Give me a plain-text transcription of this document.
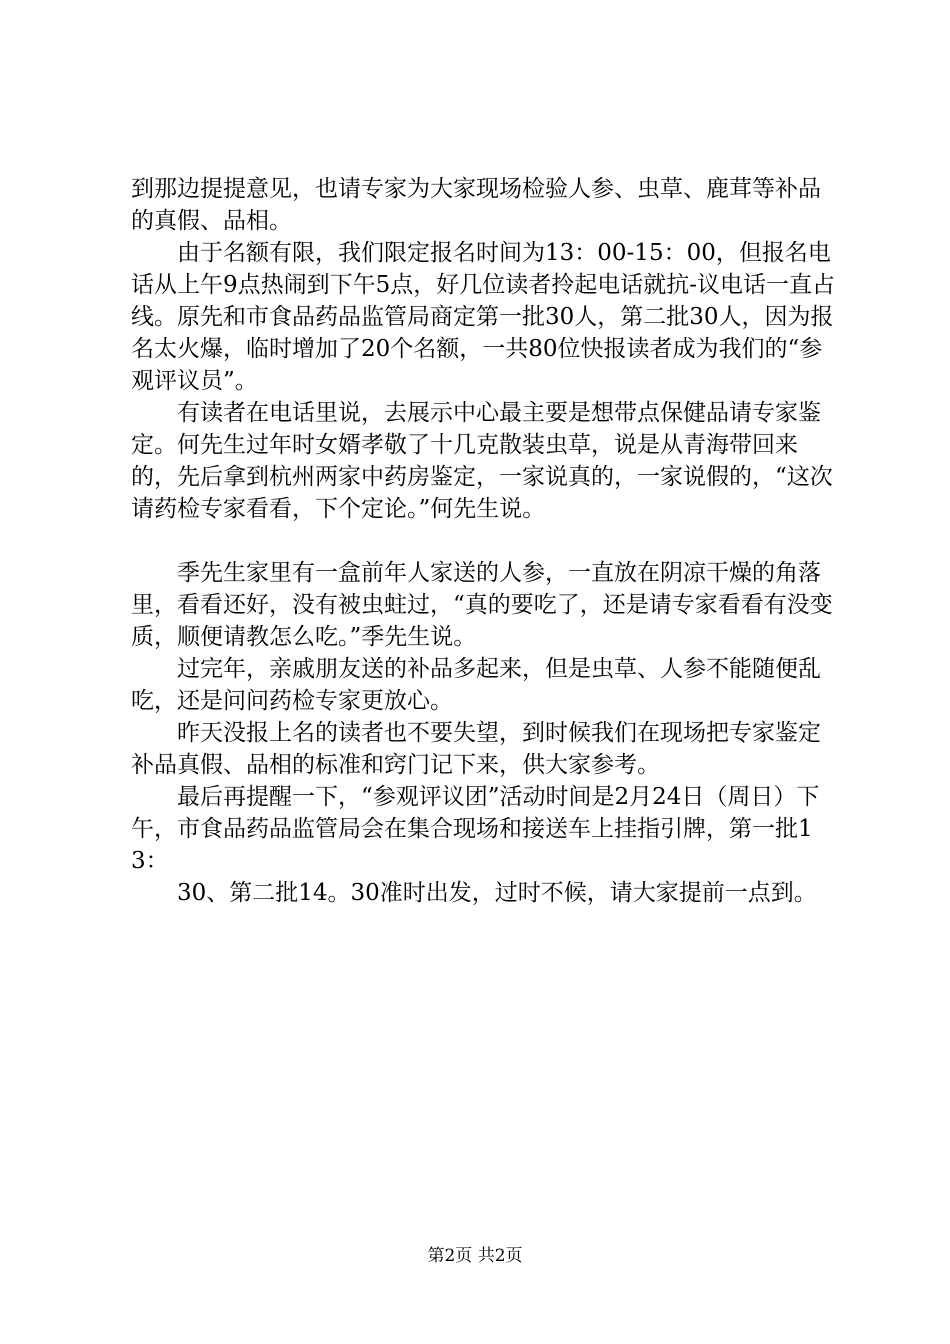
到那边提提意见，也请专家为大家现场检验人参、虫草、鹿茸等补品的真假、品相。

由于名额有限，我们限定报名时间为13：00-15：00，但报名电话从上午9点热闹到下午5点，好几位读者拎起电话就抗-议电话一直占线。原先和市食品药品监管局商定第一批30人，第二批30人，因为报名太火爆，临时增加了20个名额，一共80位快报读者成为我们的“参观评议员”。

有读者在电话里说，去展示中心最主要是想带点保健品请专家鉴定。何先生过年时女婿孝敬了十几克散装虫草，说是从青海带回来的，先后拿到杭州两家中药房鉴定，一家说真的，一家说假的，“这次请药检专家看看，下个定论。”何先生说。

季先生家里有一盒前年人家送的人参，一直放在阴凉干燥的角落里，看看还好，没有被虫蛀过，“真的要吃了，还是请专家看看有没变质，顺便请教怎么吃。”季先生说。

过完年，亲戚朋友送的补品多起来，但是虫草、人参不能随便乱吃，还是问问药检专家更放心。

昨天没报上名的读者也不要失望，到时候我们在现场把专家鉴定补品真假、品相的标准和窍门记下来，供大家参考。

最后再提醒一下，“参观评议团”活动时间是2月24日（周日）下午，市食品药品监管局会在集合现场和接送车上挂指引牌，第一批13：

30、第二批14。30准时出发，过时不候，请大家提前一点到。

第2页 共2页
